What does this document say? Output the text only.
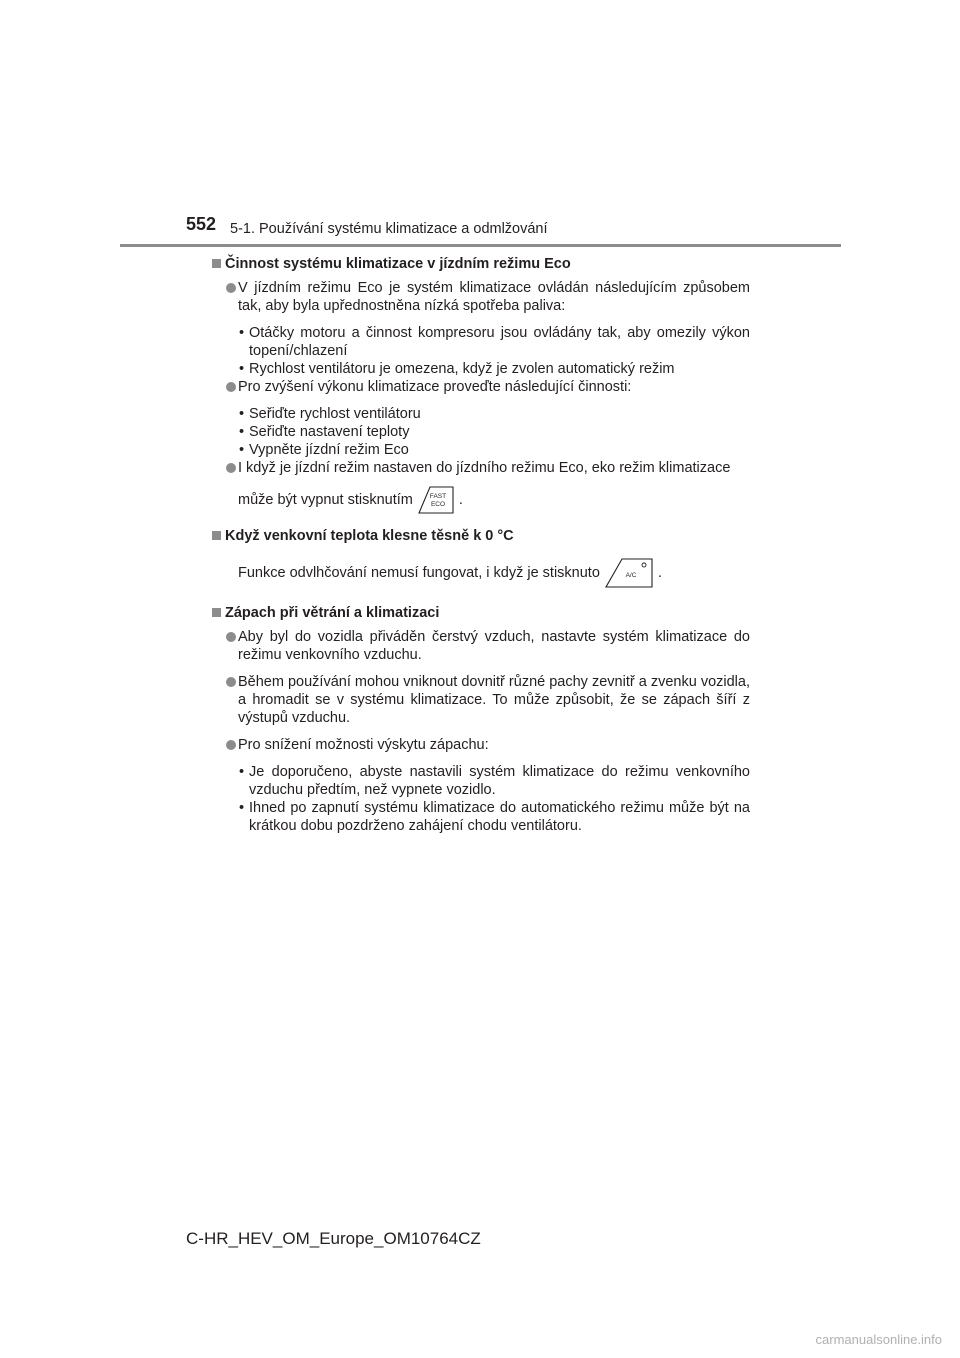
552 5-1. Používání systému klimatizace a odmlžování
Činnost systému klimatizace v jízdním režimu Eco
V jízdním režimu Eco je systém klimatizace ovládán následujícím způsobem tak, aby byla upřednostněna nízká spotřeba paliva:
• Otáčky motoru a činnost kompresoru jsou ovládány tak, aby omezily výkon topení/chlazení
• Rychlost ventilátoru je omezena, když je zvolen automatický režim
Pro zvýšení výkonu klimatizace proveďte následující činnosti:
• Seřiďte rychlost ventilátoru
• Seřiďte nastavení teploty
• Vypněte jízdní režim Eco
I když je jízdní režim nastaven do jízdního režimu Eco, eko režim klimatizace
může být vypnut stisknutím	FAST
ECO .
Když venkovní teplota klesne těsně k 0 °C
Funkce odvlhčování nemusí fungovat, i když je stisknuto	A/C .
Zápach při větrání a klimatizaci
Aby byl do vozidla přiváděn čerstvý vzduch, nastavte systém klimatizace do režimu venkovního vzduchu.
Během používání mohou vniknout dovnitř různé pachy zevnitř a zvenku vozidla, a hromadit se v systému klimatizace. To může způsobit, že se zápach šíří z výstupů vzduchu.
Pro snížení možnosti výskytu zápachu:
• Je doporučeno, abyste nastavili systém klimatizace do režimu venkovního vzduchu předtím, než vypnete vozidlo.
• Ihned po zapnutí systému klimatizace do automatického režimu může být na krátkou dobu pozdrženo zahájení chodu ventilátoru.
C-HR_HEV_OM_Europe_OM10764CZ
carmanualsonline.info
